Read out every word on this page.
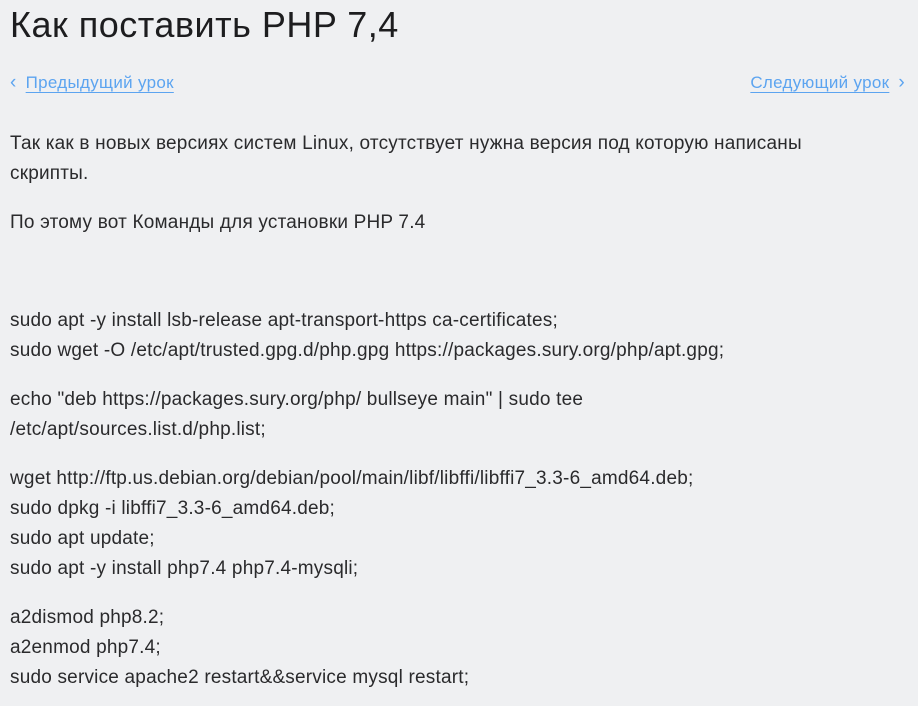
Как поставить PHP 7,4
‹ Предыдущий урок	Следующий урок ›

Так как в новых версиях систем Linux, отсутствует нужна версия под которую написаны
скрипты.

По этому вот Команды для установки PHP 7.4

sudo apt -y install lsb-release apt-transport-https ca-certificates;
sudo wget -O /etc/apt/trusted.gpg.d/php.gpg https://packages.sury.org/php/apt.gpg;

echo "deb https://packages.sury.org/php/ bullseye main" | sudo tee
/etc/apt/sources.list.d/php.list;

wget http://ftp.us.debian.org/debian/pool/main/libf/libffi/libffi7_3.3-6_amd64.deb;
sudo dpkg -i libffi7_3.3-6_amd64.deb;
sudo apt update;
sudo apt -y install php7.4 php7.4-mysqli;

a2dismod php8.2;
a2enmod php7.4;
sudo service apache2 restart&&service mysql restart;
